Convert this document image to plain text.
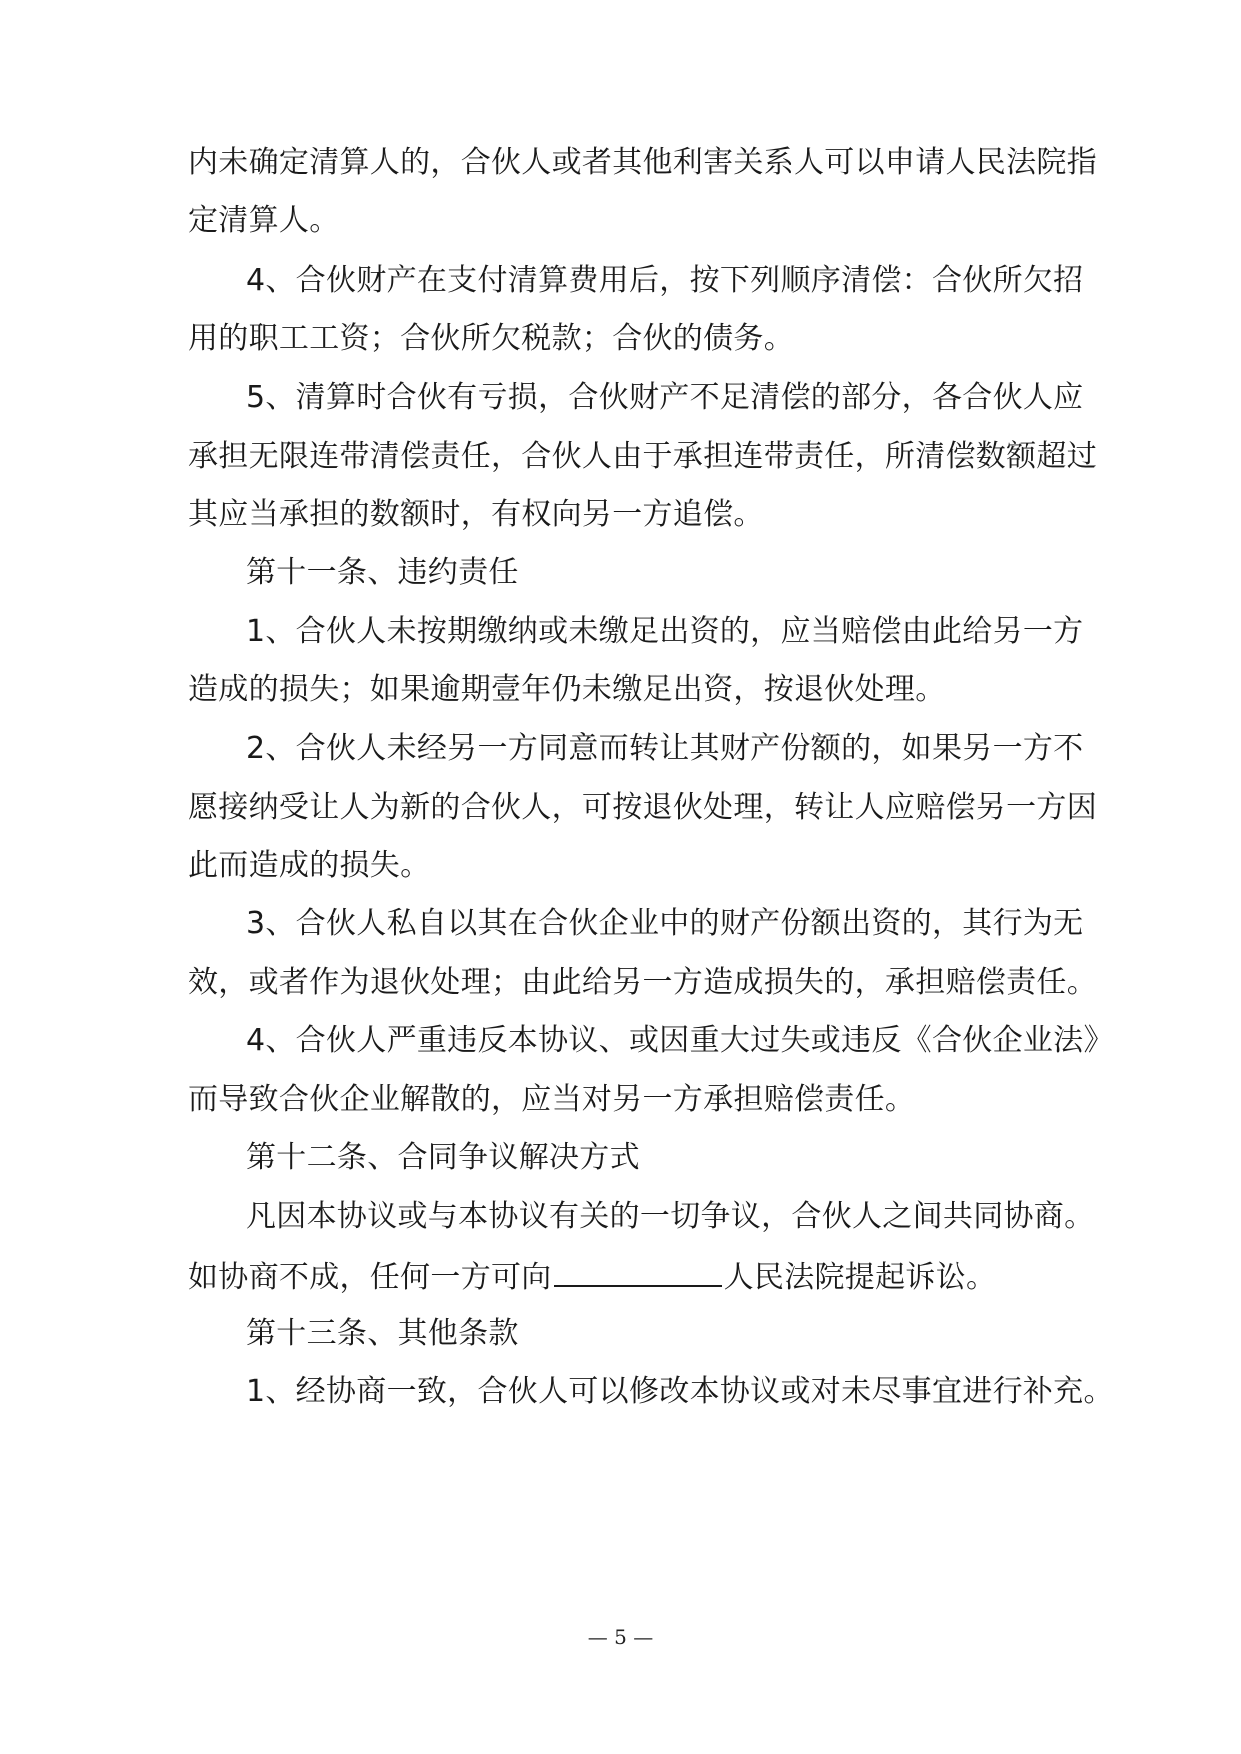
内未确定清算人的，合伙人或者其他利害关系人可以申请人民法院指
定清算人。
4、合伙财产在支付清算费用后，按下列顺序清偿：合伙所欠招
用的职工工资；合伙所欠税款；合伙的债务。
5、清算时合伙有亏损，合伙财产不足清偿的部分，各合伙人应
承担无限连带清偿责任，合伙人由于承担连带责任，所清偿数额超过
其应当承担的数额时，有权向另一方追偿。
第十一条、违约责任
1、合伙人未按期缴纳或未缴足出资的，应当赔偿由此给另一方
造成的损失；如果逾期壹年仍未缴足出资，按退伙处理。
2、合伙人未经另一方同意而转让其财产份额的，如果另一方不
愿接纳受让人为新的合伙人，可按退伙处理，转让人应赔偿另一方因
此而造成的损失。
3、合伙人私自以其在合伙企业中的财产份额出资的，其行为无
效，或者作为退伙处理；由此给另一方造成损失的，承担赔偿责任。
4、合伙人严重违反本协议、或因重大过失或违反《合伙企业法》
而导致合伙企业解散的，应当对另一方承担赔偿责任。
第十二条、合同争议解决方式
凡因本协议或与本协议有关的一切争议，合伙人之间共同协商。
如协商不成，任何一方可向	人民法院提起诉讼。
第十三条、其他条款
1、经协商一致，合伙人可以修改本协议或对未尽事宜进行补充。
— 5 —
